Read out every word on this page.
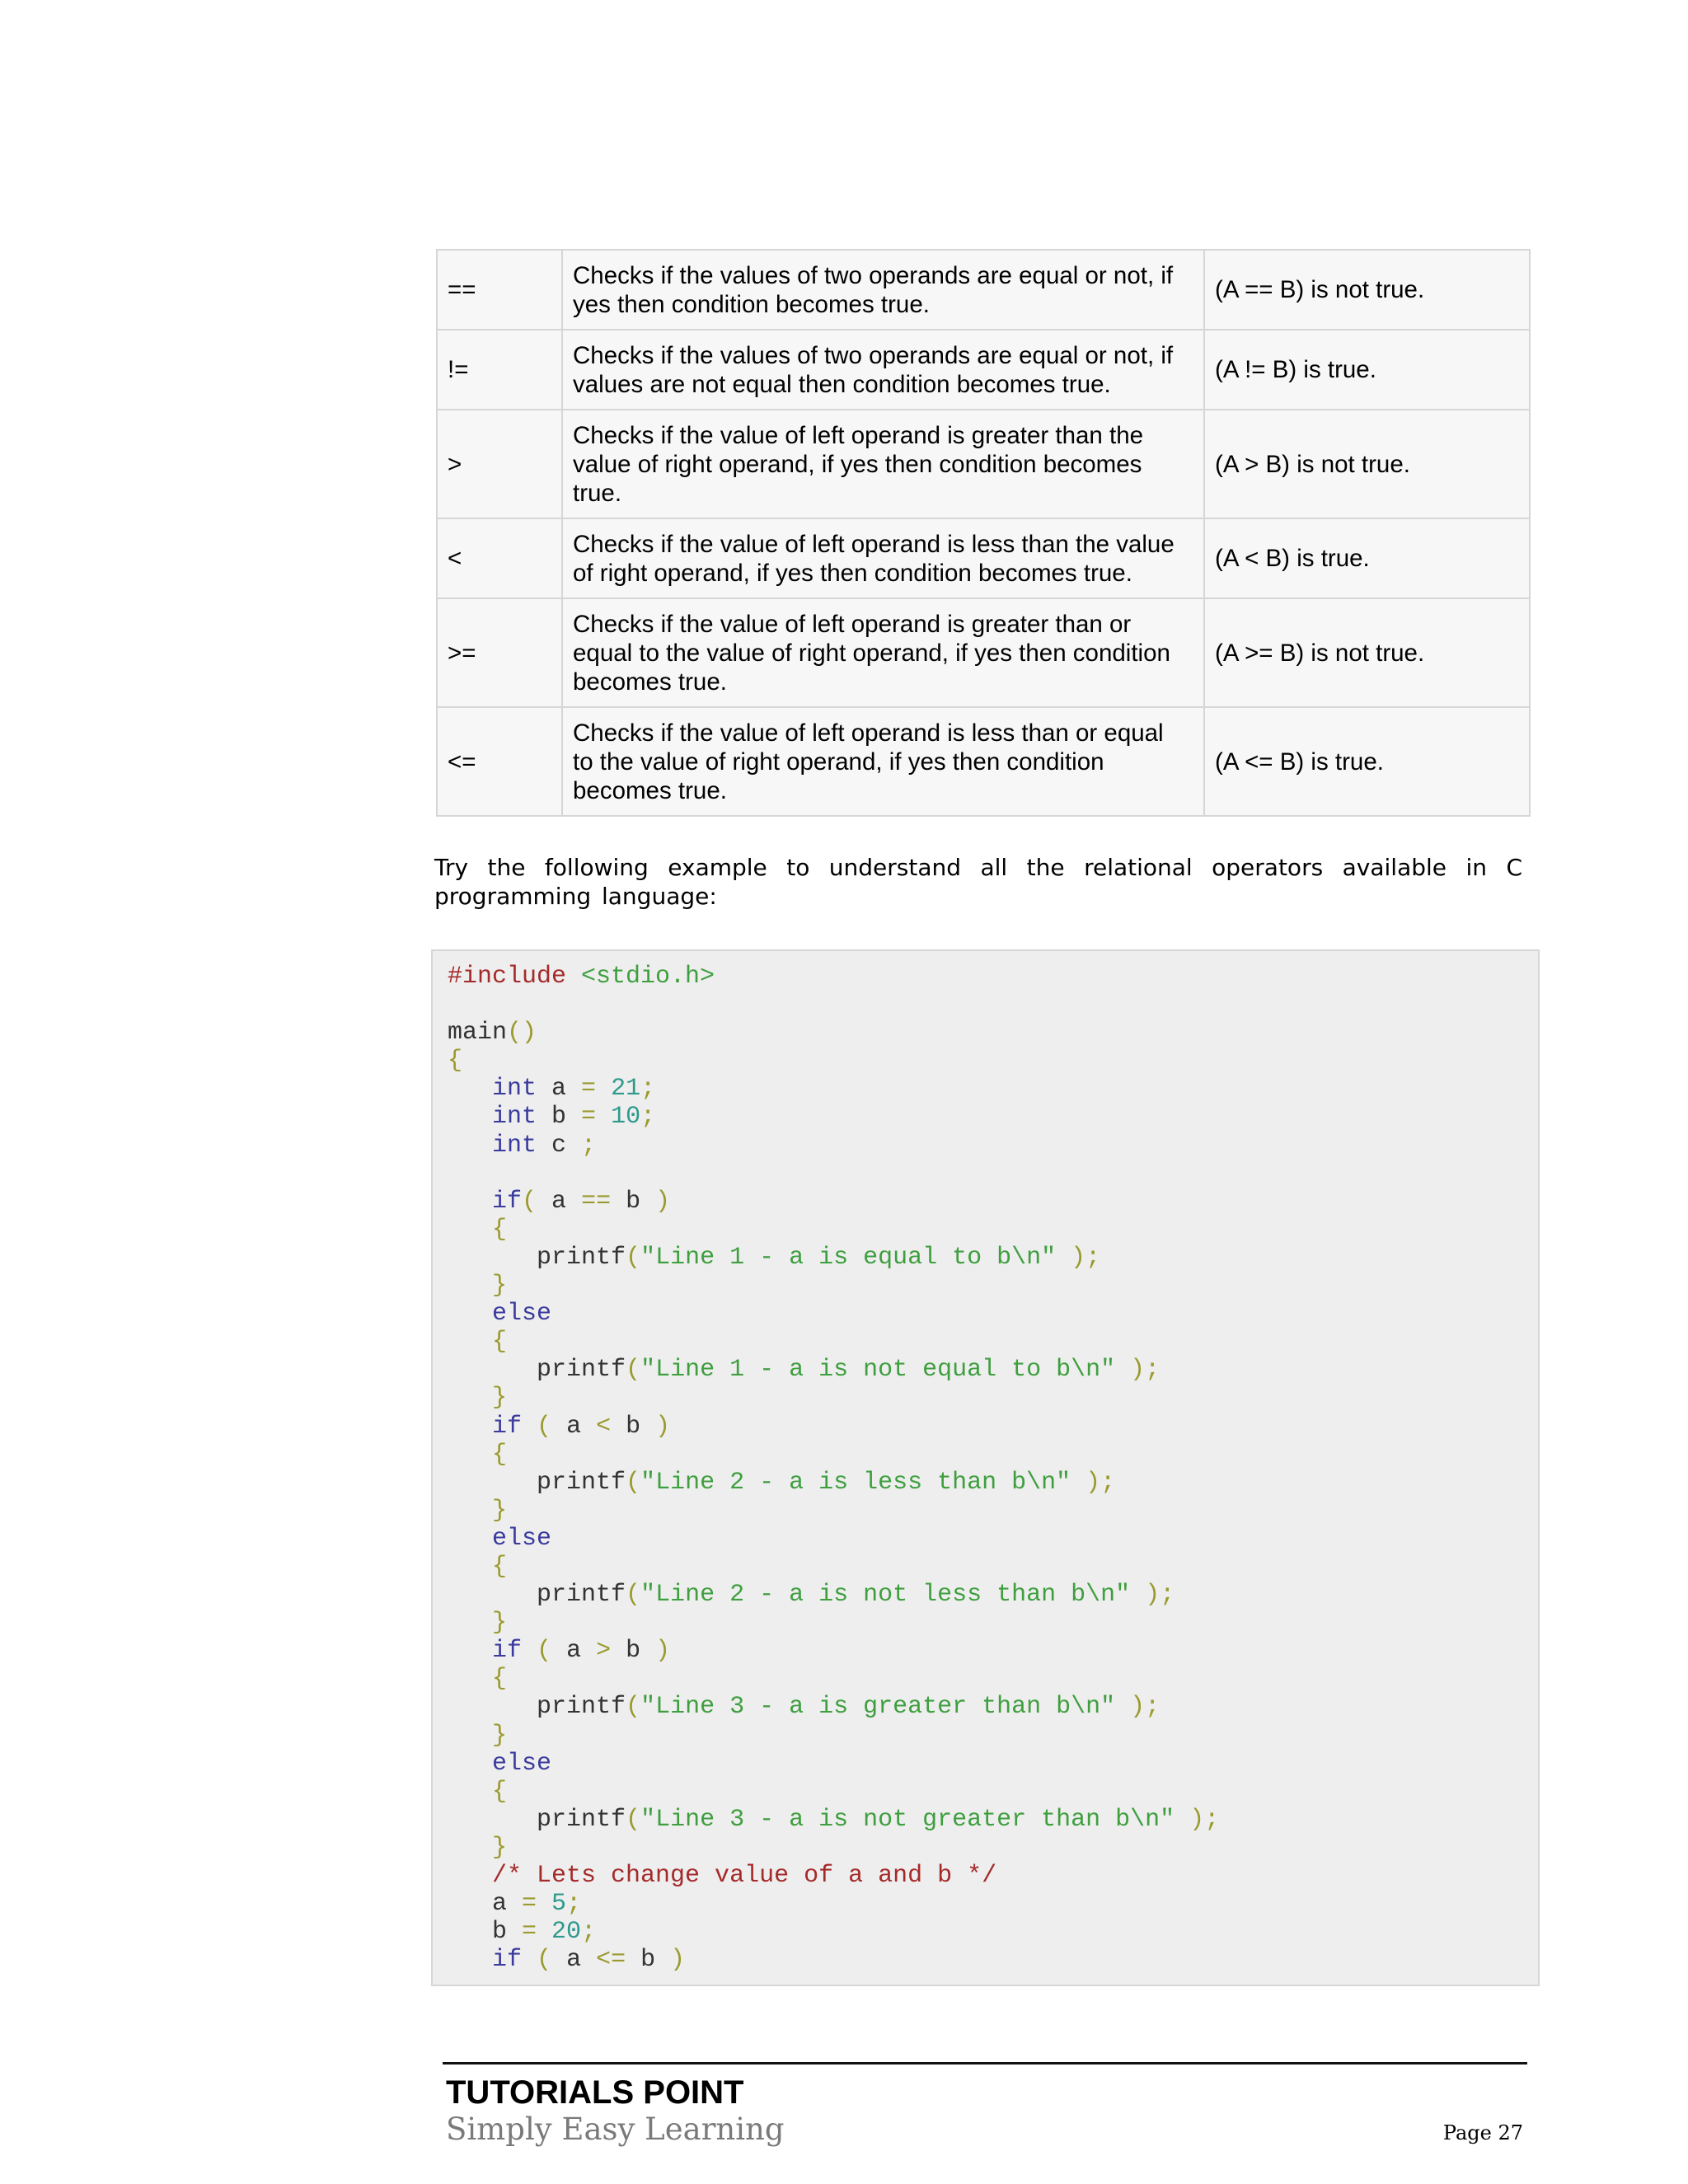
==	Checks if the values of two operands are equal or not, if
yes then condition becomes true.	(A == B) is not true.
!=	Checks if the values of two operands are equal or not, if
values are not equal then condition becomes true.	(A != B) is true.
>	Checks if the value of left operand is greater than the
value of right operand, if yes then condition becomes
true.	(A > B) is not true.
<	Checks if the value of left operand is less than the value
of right operand, if yes then condition becomes true.	(A < B) is true.
>=	Checks if the value of left operand is greater than or
equal to the value of right operand, if yes then condition
becomes true.	(A >= B) is not true.
<=	Checks if the value of left operand is less than or equal
to the value of right operand, if yes then condition
becomes true.	(A <= B) is true.

Try the following example to understand all the relational operators available in C programming language:

#include <stdio.h>
main()
{
int a = 21;
int b = 10;
int c ;
if( a == b )
{
printf("Line 1 - a is equal to b\n" );
}
else
{
printf("Line 1 - a is not equal to b\n" );
}
if ( a < b )
{
printf("Line 2 - a is less than b\n" );
}
else
{
printf("Line 2 - a is not less than b\n" );
}
if ( a > b )
{
printf("Line 3 - a is greater than b\n" );
}
else
{
printf("Line 3 - a is not greater than b\n" );
}
/* Lets change value of a and b */
a = 5;
b = 20;
if ( a <= b )
TUTORIALS POINT
Simply Easy Learning	Page 27
